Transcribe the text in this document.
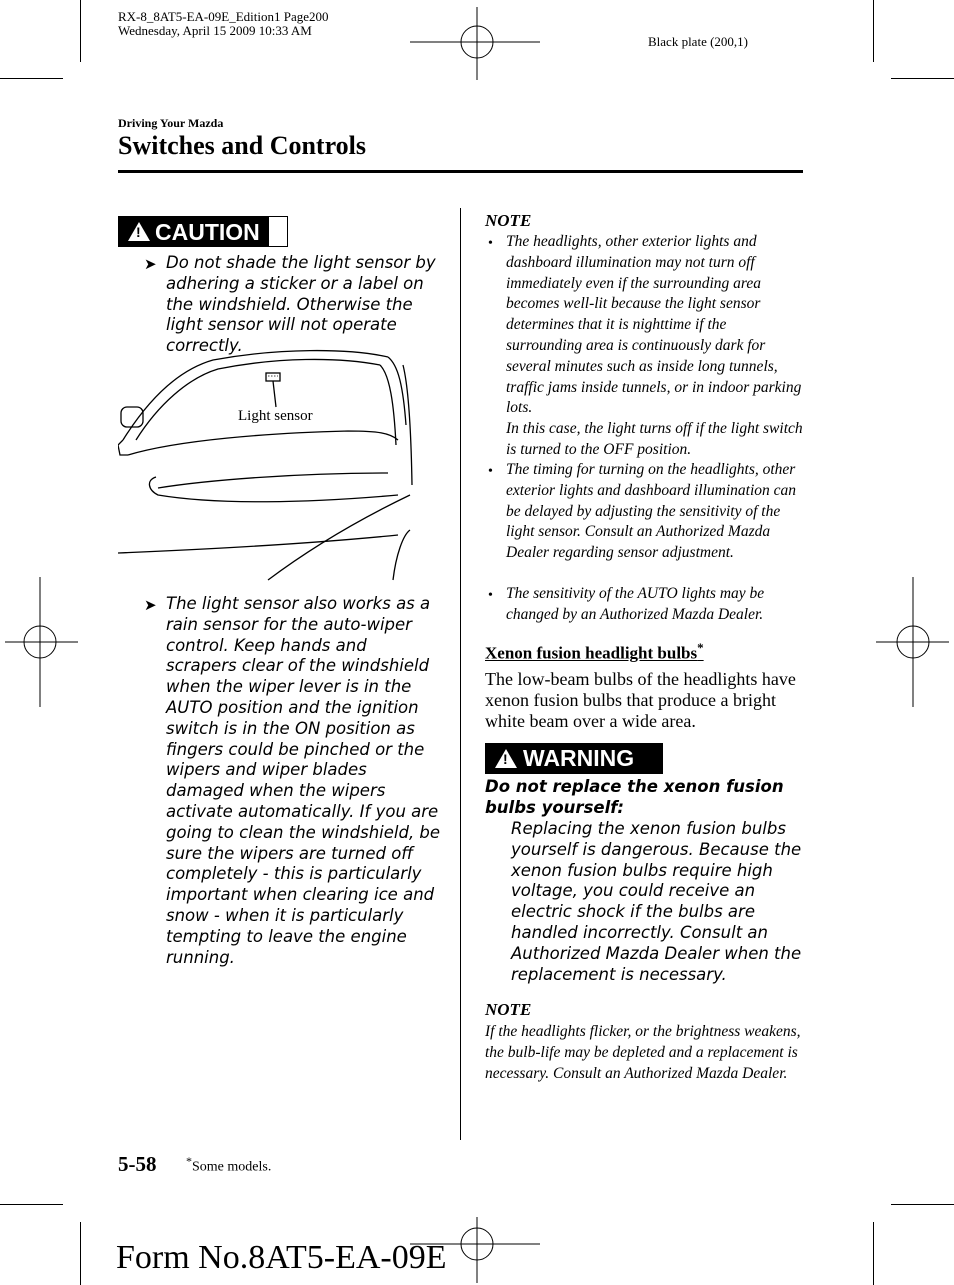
RX-8_8AT5-EA-09E_Edition1 Page200
Wednesday, April 15 2009 10:33 AM
Black plate (200,1)
Driving Your Mazda
Switches and Controls
! CAUTION
➤ Do not shade the light sensor by adhering a sticker or a label on the windshield. Otherwise the light sensor will not operate correctly.
Light sensor
➤ The light sensor also works as a rain sensor for the auto-wiper control. Keep hands and scrapers clear of the windshield when the wiper lever is in the AUTO position and the ignition switch is in the ON position as fingers could be pinched or the wipers and wiper blades damaged when the wipers activate automatically. If you are going to clean the windshield, be sure the wipers are turned off completely - this is particularly important when clearing ice and snow - when it is particularly tempting to leave the engine running.
NOTE
• The headlights, other exterior lights and dashboard illumination may not turn off immediately even if the surrounding area becomes well-lit because the light sensor determines that it is nighttime if the surrounding area is continuously dark for several minutes such as inside long tunnels, traffic jams inside tunnels, or in indoor parking lots.
In this case, the light turns off if the light switch is turned to the OFF position.
• The timing for turning on the headlights, other exterior lights and dashboard illumination can be delayed by adjusting the sensitivity of the light sensor. Consult an Authorized Mazda Dealer regarding sensor adjustment.
• The sensitivity of the AUTO lights may be changed by an Authorized Mazda Dealer.
Xenon fusion headlight bulbs*
The low-beam bulbs of the headlights have xenon fusion bulbs that produce a bright white beam over a wide area.
! WARNING
Do not replace the xenon fusion bulbs yourself:
Replacing the xenon fusion bulbs yourself is dangerous. Because the xenon fusion bulbs require high voltage, you could receive an electric shock if the bulbs are handled incorrectly. Consult an Authorized Mazda Dealer when the replacement is necessary.
NOTE
If the headlights flicker, or the brightness weakens, the bulb-life may be depleted and a replacement is necessary. Consult an Authorized Mazda Dealer.
5-58 *Some models.
Form No.8AT5-EA-09E
